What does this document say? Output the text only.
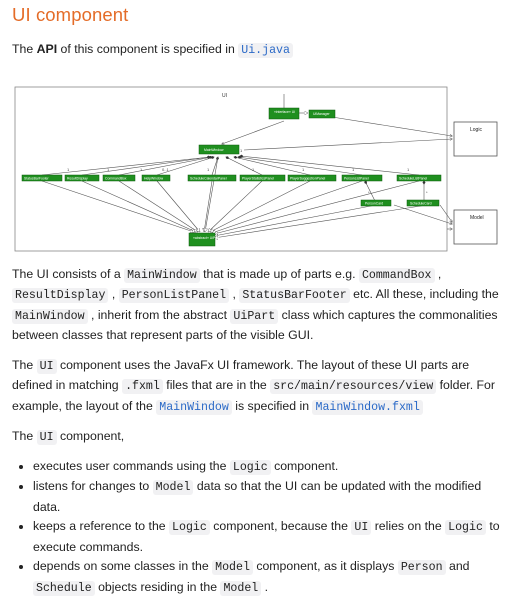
UI component

The API of this component is specified in Ui.java

UI
Logic
Model
1
1	0..1
1	1	1	1	1	1	1
*	*
«interface» Ui	UiManager
MainWindow
StatusBarFooter	ResultDisplay	CommandBox	HelpWindow	ScheduleCalendarPanel	PlayerStatisticsPanel	PlayerSuggestionPanel	PersonListPanel	ScheduleListPanel
PersonCard	ScheduleCard
«abstract» UiPart

The UI consists of a MainWindow that is made up of parts e.g. CommandBox ,
ResultDisplay , PersonListPanel , StatusBarFooter etc. All these, including the
MainWindow , inherit from the abstract UiPart class which captures the commonalities between classes that represent parts of the visible GUI.

The UI component uses the JavaFx UI framework. The layout of these UI parts are defined in matching .fxml files that are in the src/main/resources/view folder. For example, the layout of the MainWindow is specified in MainWindow.fxml

The UI component,

• executes user commands using the Logic component.
• listens for changes to Model data so that the UI can be updated with the modified data.
• keeps a reference to the Logic component, because the UI relies on the Logic to execute commands.
• depends on some classes in the Model component, as it displays Person and Schedule objects residing in the Model .
